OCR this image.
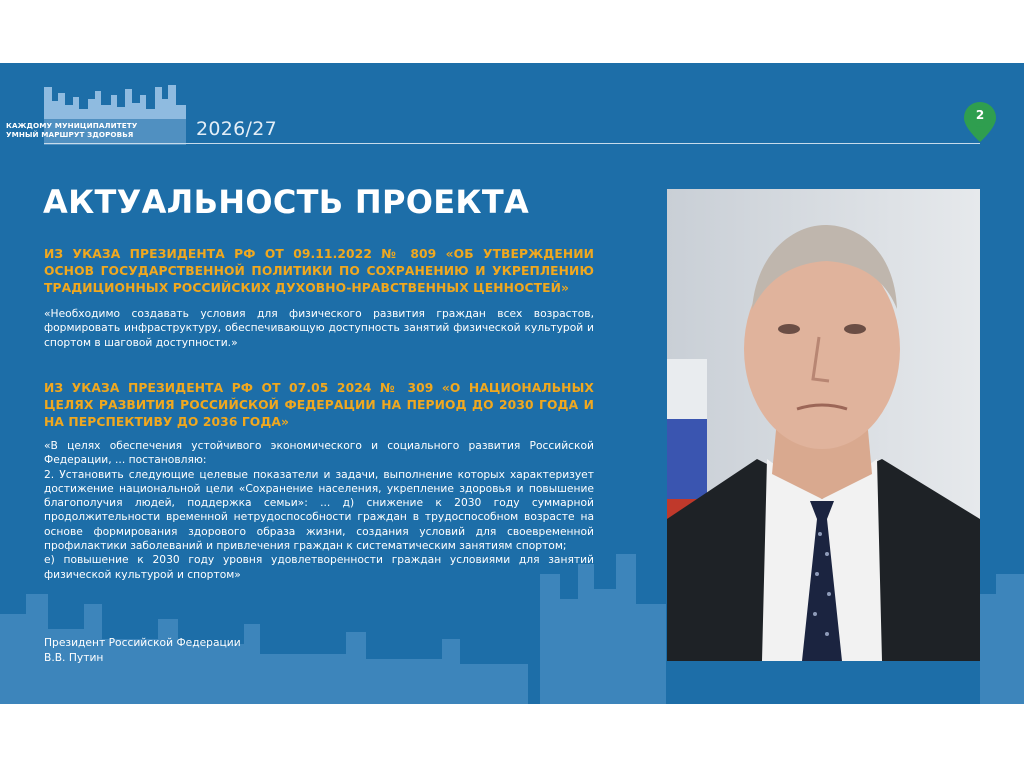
КАЖДОМУ МУНИЦИПАЛИТЕТУ
УМНЫЙ МАРШРУТ ЗДОРОВЬЯ	2026/27
2
АКТУАЛЬНОСТЬ ПРОЕКТА
ИЗ УКАЗА ПРЕЗИДЕНТА РФ ОТ 09.11.2022 № 809 «ОБ УТВЕРЖДЕНИИ ОСНОВ ГОСУДАРСТВЕННОЙ ПОЛИТИКИ ПО СОХРАНЕНИЮ И УКРЕПЛЕНИЮ ТРАДИЦИОННЫХ РОССИЙСКИХ ДУХОВНО-НРАВСТВЕННЫХ ЦЕННОСТЕЙ»

«Необходимо создавать условия для физического развития граждан всех возрастов, формировать инфраструктуру, обеспечивающую доступность занятий физической культурой и спортом в шаговой доступности.»

ИЗ УКАЗА ПРЕЗИДЕНТА РФ ОТ 07.05 2024 № 309 «О НАЦИОНАЛЬНЫХ ЦЕЛЯХ РАЗВИТИЯ РОССИЙСКОЙ ФЕДЕРАЦИИ НА ПЕРИОД ДО 2030 ГОДА И НА ПЕРСПЕКТИВУ ДО 2036 ГОДА»

«В целях обеспечения устойчивого экономического и социального развития Российской Федерации, ... постановляю:

2. Установить следующие целевые показатели и задачи, выполнение которых характеризует достижение национальной цели «Сохранение населения, укрепление здоровья и повышение благополучия людей, поддержка семьи»: ... д) снижение к 2030 году суммарной продолжительности временной нетрудоспособности граждан в трудоспособном возрасте на основе формирования здорового образа жизни, создания условий для своевременной профилактики заболеваний и привлечения граждан к систематическим занятиям спортом;

е) повышение к 2030 году уровня удовлетворенности граждан условиями для занятий физической культурой и спортом»

Президент Российской Федерации
В.В. Путин
